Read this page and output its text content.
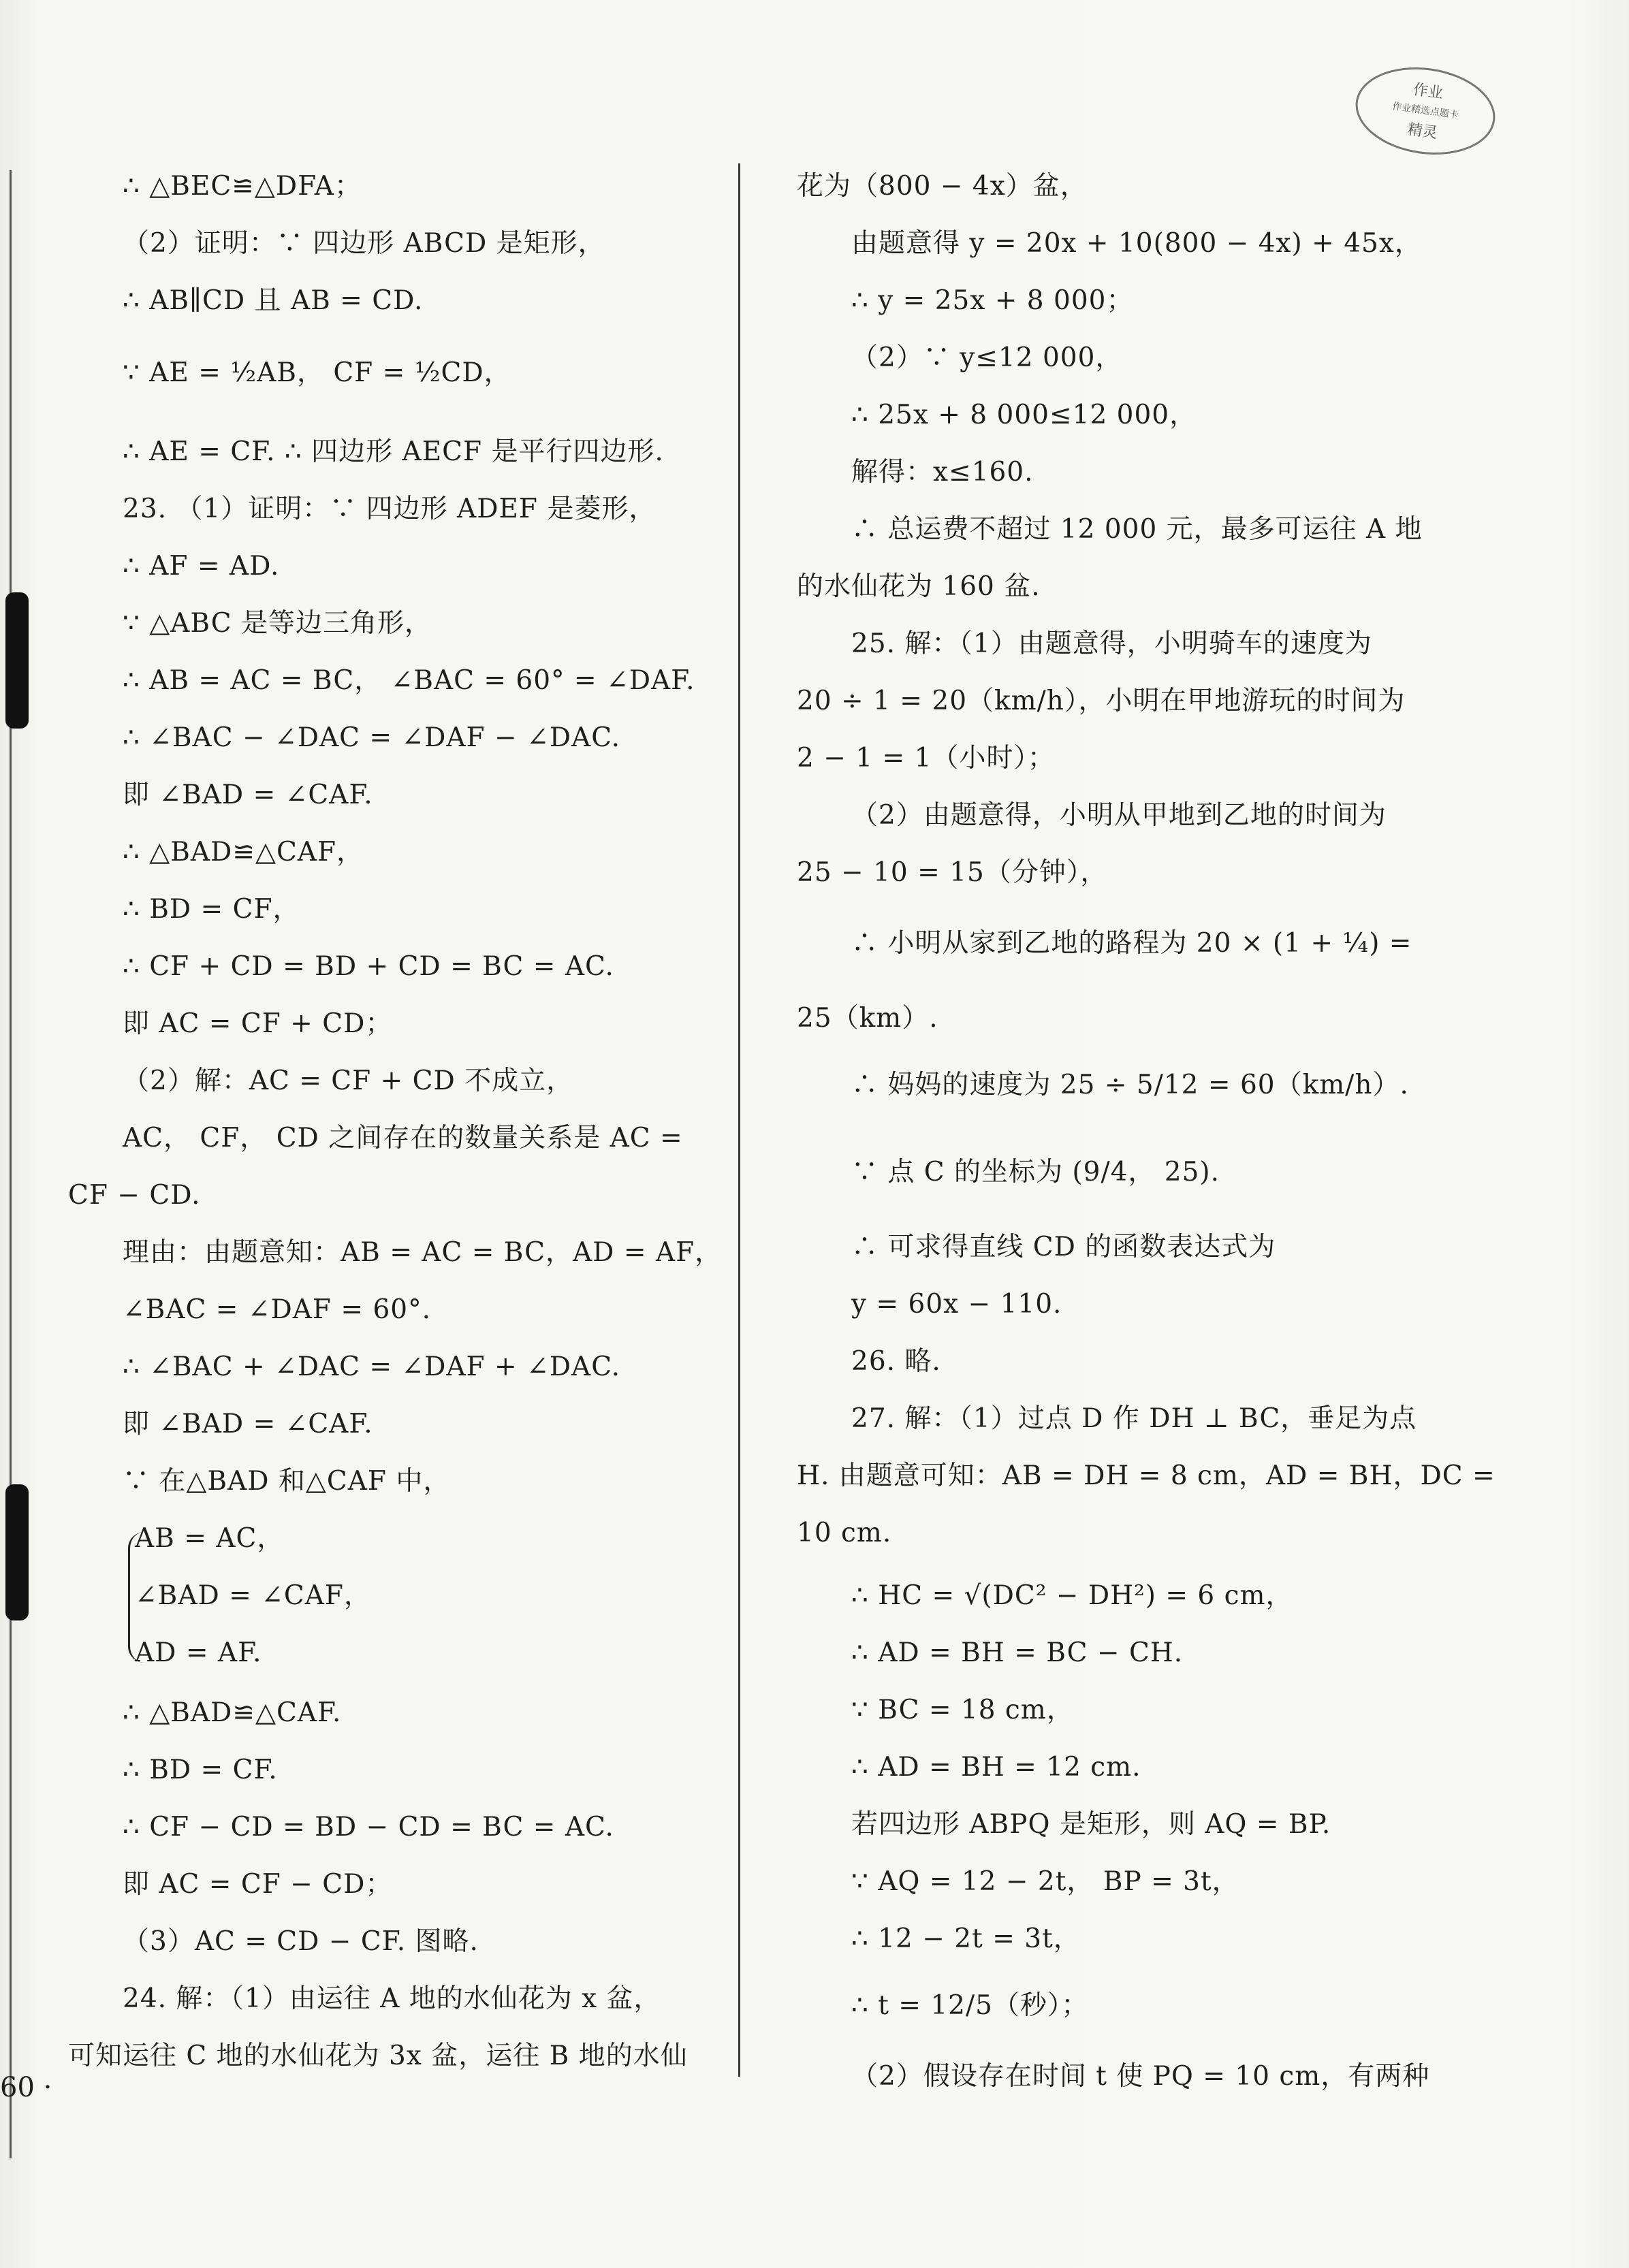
作业
作业精选点题卡
精灵
∴ △BEC≌△DFA；
（2）证明：∵ 四边形 ABCD 是矩形，
∴ AB∥CD 且 AB = CD.
∵ AE = ½AB， CF = ½CD，
∴ AE = CF. ∴ 四边形 AECF 是平行四边形.
23. （1）证明：∵ 四边形 ADEF 是菱形，
∴ AF = AD.
∵ △ABC 是等边三角形，
∴ AB = AC = BC， ∠BAC = 60° = ∠DAF.
∴ ∠BAC − ∠DAC = ∠DAF − ∠DAC.
即 ∠BAD = ∠CAF.
∴ △BAD≌△CAF，
∴ BD = CF，
∴ CF + CD = BD + CD = BC = AC.
即 AC = CF + CD；
（2）解：AC = CF + CD 不成立，
AC， CF， CD 之间存在的数量关系是 AC =
CF − CD.
理由：由题意知：AB = AC = BC，AD = AF，
∠BAC = ∠DAF = 60°.
∴ ∠BAC + ∠DAC = ∠DAF + ∠DAC.
即 ∠BAD = ∠CAF.
∵ 在△BAD 和△CAF 中，
AB = AC，
∠BAD = ∠CAF，
AD = AF.
∴ △BAD≌△CAF.
∴ BD = CF.
∴ CF − CD = BD − CD = BC = AC.
即 AC = CF − CD；
（3）AC = CD − CF. 图略.
24. 解：（1）由运往 A 地的水仙花为 x 盆，
可知运往 C 地的水仙花为 3x 盆，运往 B 地的水仙
花为（800 − 4x）盆，
由题意得 y = 20x + 10(800 − 4x) + 45x，
∴ y = 25x + 8 000；
（2）∵ y≤12 000，
∴ 25x + 8 000≤12 000，
解得：x≤160.
∴ 总运费不超过 12 000 元，最多可运往 A 地
的水仙花为 160 盆.
25. 解：（1）由题意得，小明骑车的速度为
20 ÷ 1 = 20（km/h），小明在甲地游玩的时间为
2 − 1 = 1（小时）；
（2）由题意得，小明从甲地到乙地的时间为
25 − 10 = 15（分钟），
∴ 小明从家到乙地的路程为 20 × (1 + ¼) =
25（km）.
∴ 妈妈的速度为 25 ÷ 5/12 = 60（km/h）.
∵ 点 C 的坐标为 (9/4， 25).
∴ 可求得直线 CD 的函数表达式为
y = 60x − 110.
26. 略.
27. 解：（1）过点 D 作 DH ⊥ BC，垂足为点
H. 由题意可知：AB = DH = 8 cm，AD = BH，DC =
10 cm.
∴ HC = √(DC² − DH²) = 6 cm，
∴ AD = BH = BC − CH.
∵ BC = 18 cm，
∴ AD = BH = 12 cm.
若四边形 ABPQ 是矩形，则 AQ = BP.
∵ AQ = 12 − 2t， BP = 3t，
∴ 12 − 2t = 3t，
∴ t = 12/5（秒）；
（2）假设存在时间 t 使 PQ = 10 cm，有两种
60 ·
